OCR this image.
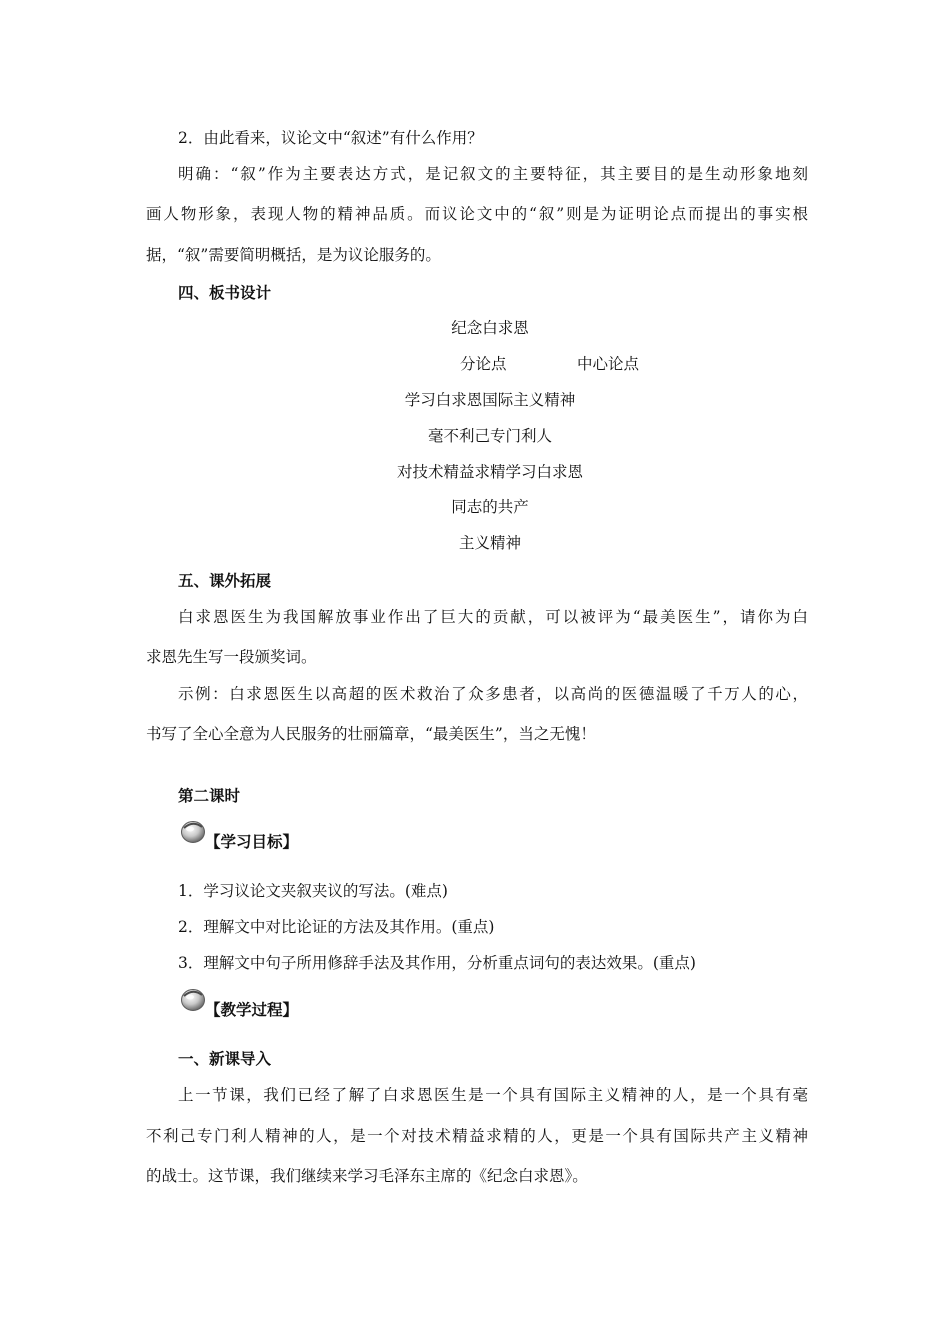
2．由此看来，议论文中“叙述”有什么作用？
明确：“叙”作为主要表达方式，是记叙文的主要特征，其主要目的是生动形象地刻
画人物形象，表现人物的精神品质。而议论文中的“叙”则是为证明论点而提出的事实根
据，“叙”需要简明概括，是为议论服务的。
四、板书设计
纪念白求恩
分论点	中心论点
学习白求恩国际主义精神
毫不利己专门利人
对技术精益求精学习白求恩
同志的共产
主义精神
五、课外拓展
白求恩医生为我国解放事业作出了巨大的贡献，可以被评为“最美医生”，请你为白
求恩先生写一段颁奖词。
示例：白求恩医生以高超的医术救治了众多患者，以高尚的医德温暖了千万人的心，
书写了全心全意为人民服务的壮丽篇章，“最美医生”，当之无愧！
第二课时
【学习目标】
1．学习议论文夹叙夹议的写法。(难点)
2．理解文中对比论证的方法及其作用。(重点)
3．理解文中句子所用修辞手法及其作用，分析重点词句的表达效果。(重点)
【教学过程】
一、新课导入
上一节课，我们已经了解了白求恩医生是一个具有国际主义精神的人，是一个具有毫
不利己专门利人精神的人，是一个对技术精益求精的人，更是一个具有国际共产主义精神
的战士。这节课，我们继续来学习毛泽东主席的《纪念白求恩》。
